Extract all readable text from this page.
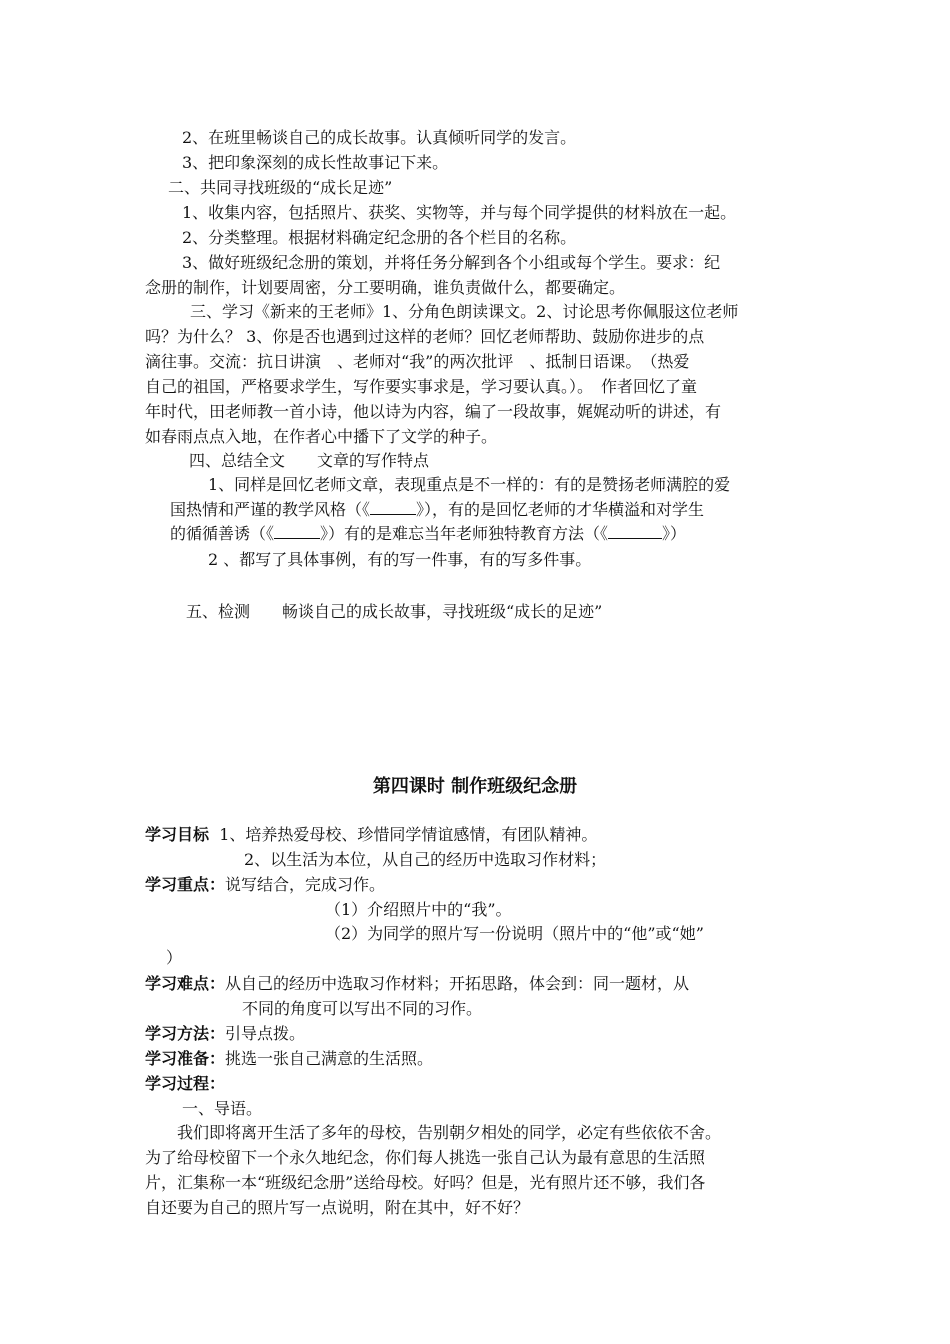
2、在班里畅谈自己的成长故事。认真倾听同学的发言。
3、把印象深刻的成长性故事记下来。
二、共同寻找班级的“成长足迹”
1、收集内容，包括照片、获奖、实物等，并与每个同学提供的材料放在一起。
2、分类整理。根据材料确定纪念册的各个栏目的名称。
3、做好班级纪念册的策划，并将任务分解到各个小组或每个学生。要求：纪
念册的制作，计划要周密，分工要明确，谁负责做什么，都要确定。
三、学习《新来的王老师》1、分角色朗读课文。2、讨论思考你佩服这位老师
吗？为什么？ 3、你是否也遇到过这样的老师？回忆老师帮助、鼓励你进步的点
滴往事。交流：抗日讲演　、老师对“我”的两次批评　、抵制日语课。　（热爱
自己的祖国，严格要求学生，写作要实事求是，学习要认真。）。　作者回忆了童
年时代，田老师教一首小诗，他以诗为内容，编了一段故事，娓娓动听的讲述，有
如春雨点点入地，在作者心中播下了文学的种子。
四、总结全文　　文章的写作特点
1、同样是回忆老师文章，表现重点是不一样的：有的是赞扬老师满腔的爱
国热情和严谨的教学风格（《	》），有的是回忆老师的才华横溢和对学生
的循循善诱（《	》）有的是难忘当年老师独特教育方法（《	》）
2 、都写了具体事例，有的写一件事，有的写多件事。
五、检测　　畅谈自己的成长故事，寻找班级“成长的足迹”
第四课时 制作班级纪念册
学习目标 1、培养热爱母校、珍惜同学情谊感情，有团队精神。
2、以生活为本位，从自己的经历中选取习作材料；
学习重点：说写结合，完成习作。
（1）介绍照片中的“我”。
（2）为同学的照片写一份说明（照片中的“他”或“她”
）
学习难点：从自己的经历中选取习作材料；开拓思路，体会到：同一题材，从
不同的角度可以写出不同的习作。
学习方法：引导点拨。
学习准备：挑选一张自己满意的生活照。
学习过程：
一、导语。
我们即将离开生活了多年的母校，告别朝夕相处的同学，必定有些依依不舍。
为了给母校留下一个永久地纪念，你们每人挑选一张自己认为最有意思的生活照
片，汇集称一本“班级纪念册”送给母校。好吗？但是，光有照片还不够，我们各
自还要为自己的照片写一点说明，附在其中，好不好？
